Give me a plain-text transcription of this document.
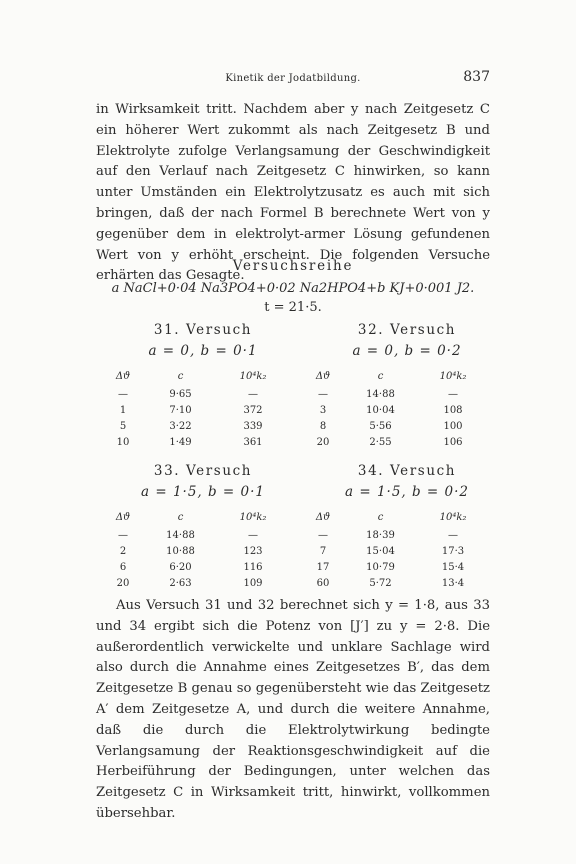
Kinetik der Jodatbildung.	837
in Wirksamkeit tritt. Nachdem aber y nach Zeitgesetz C ein höherer Wert zukommt als nach Zeitgesetz B und Elektrolyte zufolge Verlangsamung der Geschwindigkeit auf den Verlauf nach Zeitgesetz C hinwirken, so kann unter Umständen ein Elektrolytzusatz es auch mit sich bringen, daß der nach Formel B berechnete Wert von y gegenüber dem in elektrolyt-armer Lösung gefundenen Wert von y erhöht erscheint. Die folgenden Versuche erhärten das Gesagte.
Versuchsreihe
a NaCl+0·04 Na3PO4+0·02 Na2HPO4+b KJ+0·001 J2.
t = 21·5.
31. Versuch
a = 0, b = 0·1
Δϑ	c	10⁴k₂
—	9·65	—
1	7·10	372
5	3·22	339
10	1·49	361
32. Versuch
a = 0, b = 0·2
Δϑ	c	10⁴k₂
—	14·88	—
3	10·04	108
8	5·56	100
20	2·55	106
33. Versuch
a = 1·5, b = 0·1
Δϑ	c	10⁴k₂
—	14·88	—
2	10·88	123
6	6·20	116
20	2·63	109
34. Versuch
a = 1·5, b = 0·2
Δϑ	c	10⁴k₂
—	18·39	—
7	15·04	17·3
17	10·79	15·4
60	5·72	13·4
Aus Versuch 31 und 32 berechnet sich y = 1·8, aus 33 und 34 ergibt sich die Potenz von [J′] zu y = 2·8. Die außerordentlich verwickelte und unklare Sachlage wird also durch die Annahme eines Zeitgesetzes B′, das dem Zeitgesetze B genau so gegenübersteht wie das Zeitgesetz A′ dem Zeitgesetze A, und durch die weitere Annahme, daß die durch die Elektrolytwirkung bedingte Verlangsamung der Reaktionsgeschwindigkeit auf die Herbeiführung der Bedingungen, unter welchen das Zeitgesetz C in Wirksamkeit tritt, hinwirkt, vollkommen übersehbar.
